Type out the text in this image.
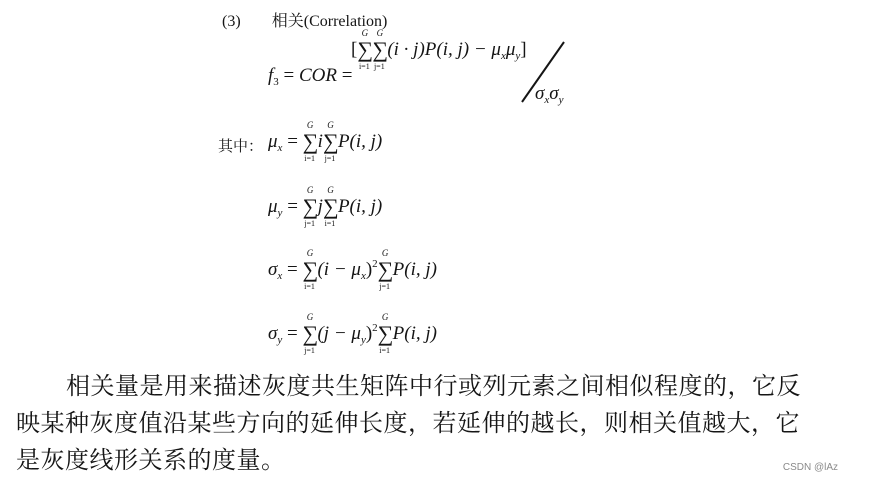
(3) 相关(Correlation)
$f_3$ = COR =
[∑
G
i=1
∑
G
j=1
(i · j)P(i, $j) - \mu_x\mu_y$]
$\sigma_x\sigma_y$
其中： $\mu_x$ = ∑
G
i=1
i∑
G
j=1
P(i, j)
$\mu_y$ = ∑
G
j=1
j∑
G
i=1
P(i, j)
$\sigma_x$ = ∑
G
i=1
$(i - \mu_x)^2\sum$
G
j=1
P(i, j)
$\sigma_y$ = ∑
G
j=1
$(j - \mu_y)^2\sum$
G
i=1
P(i, j)
相关量是用来描述灰度共生矩阵中行或列元素之间相似程度的，它反
映某种灰度值沿某些方向的延伸长度，若延伸的越长，则相关值越大，它
是灰度线形关系的度量。	CSDN @lAz
